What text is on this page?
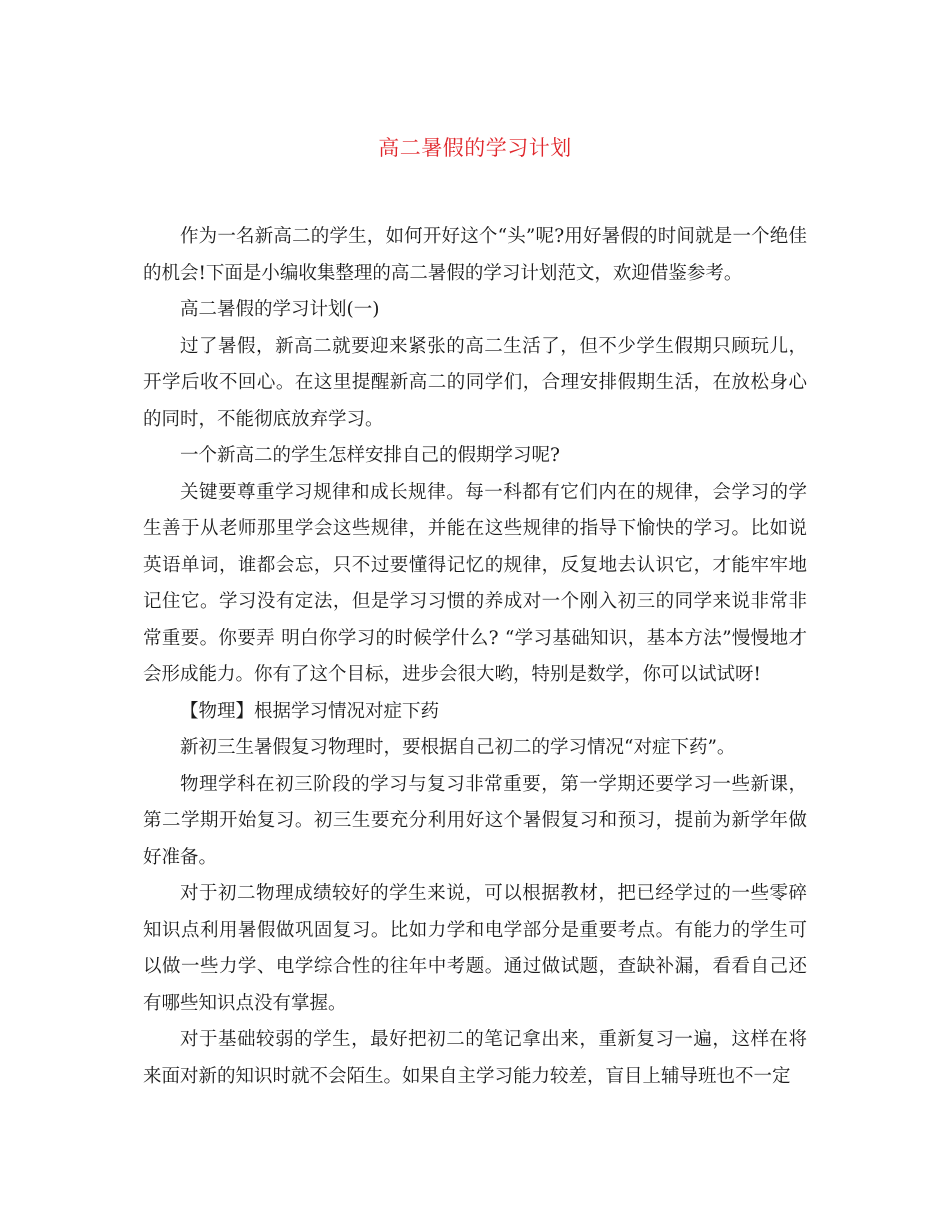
高二暑假的学习计划

作为一名新高二的学生，如何开好这个“头”呢?用好暑假的时间就是一个绝佳的机会!下面是小编收集整理的高二暑假的学习计划范文，欢迎借鉴参考。

高二暑假的学习计划(一)

过了暑假，新高二就要迎来紧张的高二生活了，但不少学生假期只顾玩儿，开学后收不回心。在这里提醒新高二的同学们，合理安排假期生活，在放松身心的同时，不能彻底放弃学习。

一个新高二的学生怎样安排自己的假期学习呢?

关键要尊重学习规律和成长规律。每一科都有它们内在的规律，会学习的学生善于从老师那里学会这些规律，并能在这些规律的指导下愉快的学习。比如说英语单词，谁都会忘，只不过要懂得记忆的规律，反复地去认识它，才能牢牢地记住它。学习没有定法，但是学习习惯的养成对一个刚入初三的同学来说非常非常重要。你要弄 明白你学习的时候学什么? “学习基础知识，基本方法”慢慢地才会形成能力。你有了这个目标，进步会很大哟，特别是数学，你可以试试呀!

【物理】根据学习情况对症下药

新初三生暑假复习物理时，要根据自己初二的学习情况“对症下药”。

物理学科在初三阶段的学习与复习非常重要，第一学期还要学习一些新课，第二学期开始复习。初三生要充分利用好这个暑假复习和预习，提前为新学年做好准备。

对于初二物理成绩较好的学生来说，可以根据教材，把已经学过的一些零碎知识点利用暑假做巩固复习。比如力学和电学部分是重要考点。有能力的学生可以做一些力学、电学综合性的往年中考题。通过做试题，查缺补漏，看看自己还有哪些知识点没有掌握。

对于基础较弱的学生，最好把初二的笔记拿出来，重新复习一遍，这样在将来面对新的知识时就不会陌生。如果自主学习能力较差，盲目上辅导班也不一定
